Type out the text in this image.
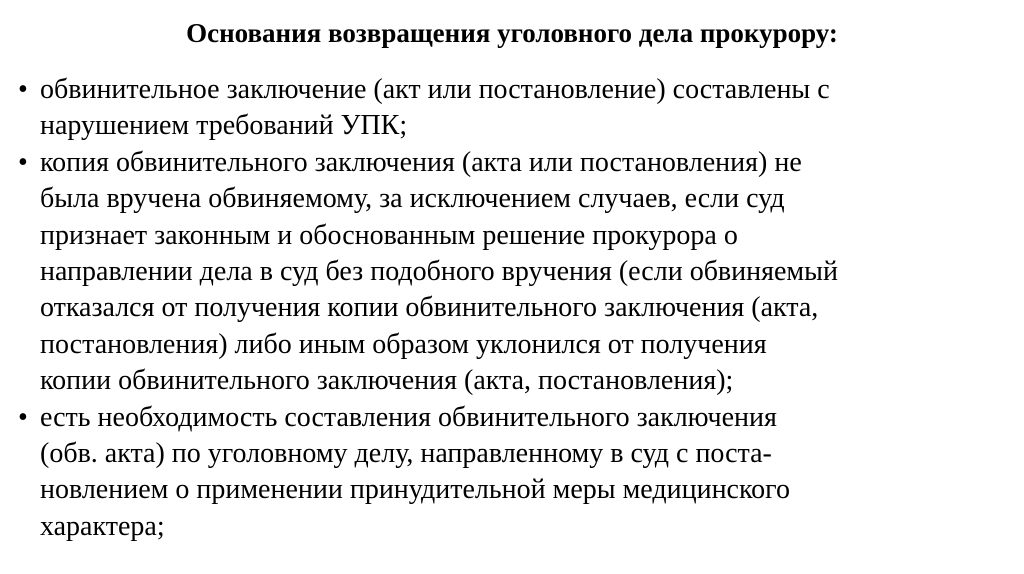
Основания возвращения уголовного дела прокурору:
• обвинительное заключение (акт или постановление) составлены с
нарушением требований УПК;
• копия обвинительного заключения (акта или постановления) не
была вручена обвиняемому, за исключением случаев, если суд
признает законным и обоснованным решение прокурора о
направлении дела в суд без подобного вручения (если обвиняемый
отказался от получения копии обвинительного заключения (акта,
постановления) либо иным образом уклонился от получения
копии обвинительного заключения (акта, постановления);
• есть необходимость составления обвинительного заключения
(обв. акта) по уголовному делу, направленному в суд с поста-
новлением о применении принудительной меры медицинского
характера;
